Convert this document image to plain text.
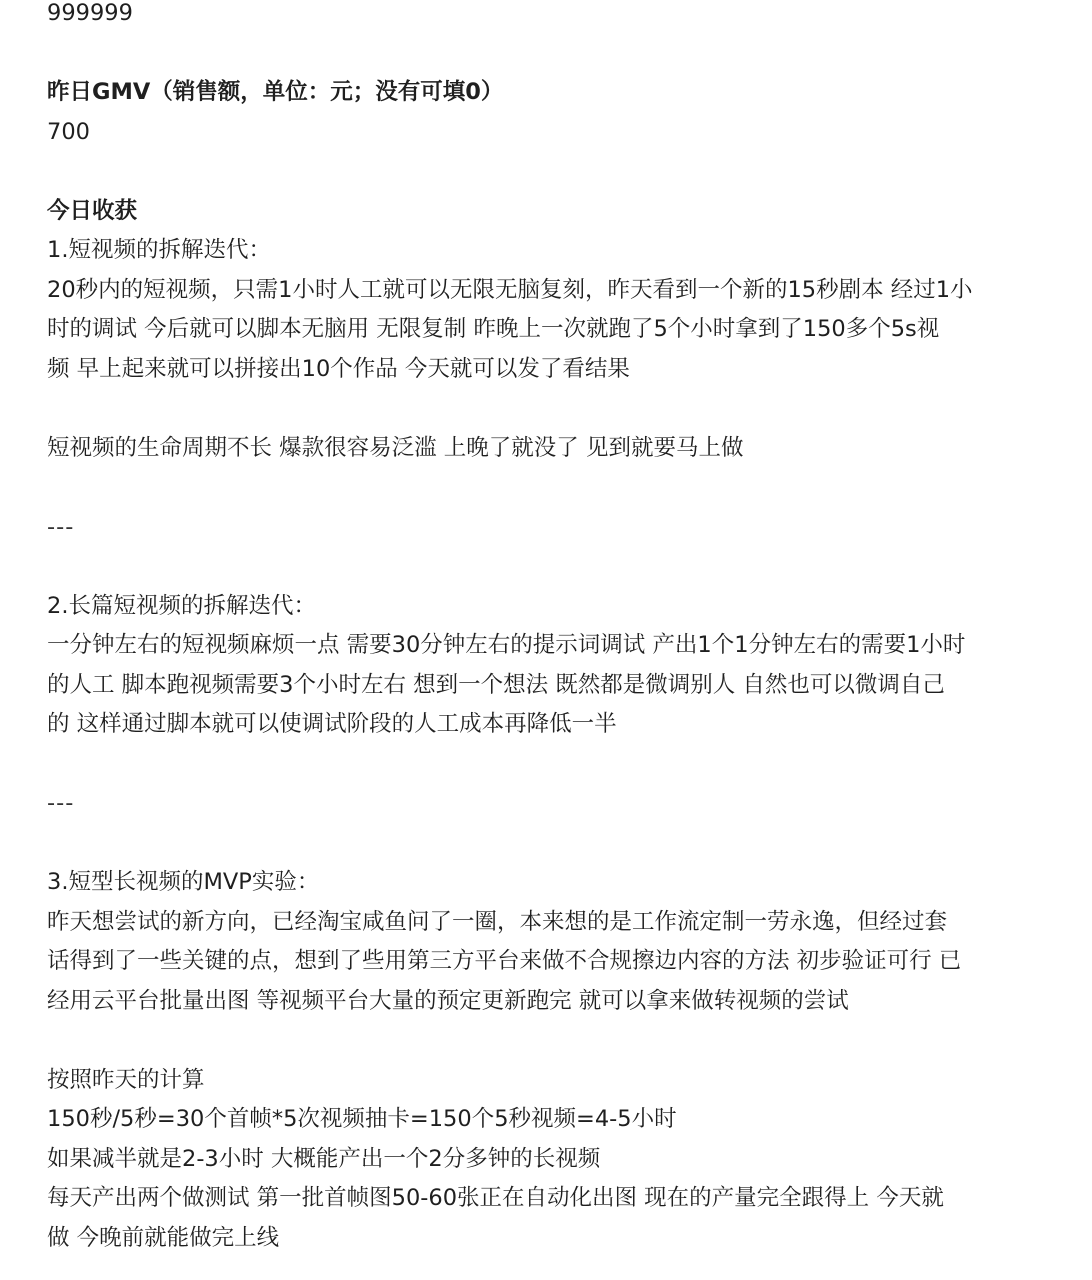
999999

昨日GMV（销售额，单位：元；没有可填0）

700

今日收获

1.短视频的拆解迭代：

20秒内的短视频，只需1小时人工就可以无限无脑复刻，昨天看到一个新的15秒剧本 经过1小

时的调试 今后就可以脚本无脑用 无限复制 昨晚上一次就跑了5个小时拿到了150多个5s视

频 早上起来就可以拼接出10个作品 今天就可以发了看结果

短视频的生命周期不长 爆款很容易泛滥 上晚了就没了 见到就要马上做

---

2.长篇短视频的拆解迭代：

一分钟左右的短视频麻烦一点 需要30分钟左右的提示词调试 产出1个1分钟左右的需要1小时

的人工 脚本跑视频需要3个小时左右 想到一个想法 既然都是微调别人 自然也可以微调自己

的 这样通过脚本就可以使调试阶段的人工成本再降低一半

---

3.短型长视频的MVP实验：

昨天想尝试的新方向，已经淘宝咸鱼问了一圈，本来想的是工作流定制一劳永逸，但经过套

话得到了一些关键的点，想到了些用第三方平台来做不合规擦边内容的方法 初步验证可行 已

经用云平台批量出图 等视频平台大量的预定更新跑完 就可以拿来做转视频的尝试

按照昨天的计算

150秒/5秒=30个首帧*5次视频抽卡=150个5秒视频=4-5小时

如果减半就是2-3小时 大概能产出一个2分多钟的长视频

每天产出两个做测试 第一批首帧图50-60张正在自动化出图 现在的产量完全跟得上 今天就

做 今晚前就能做完上线
